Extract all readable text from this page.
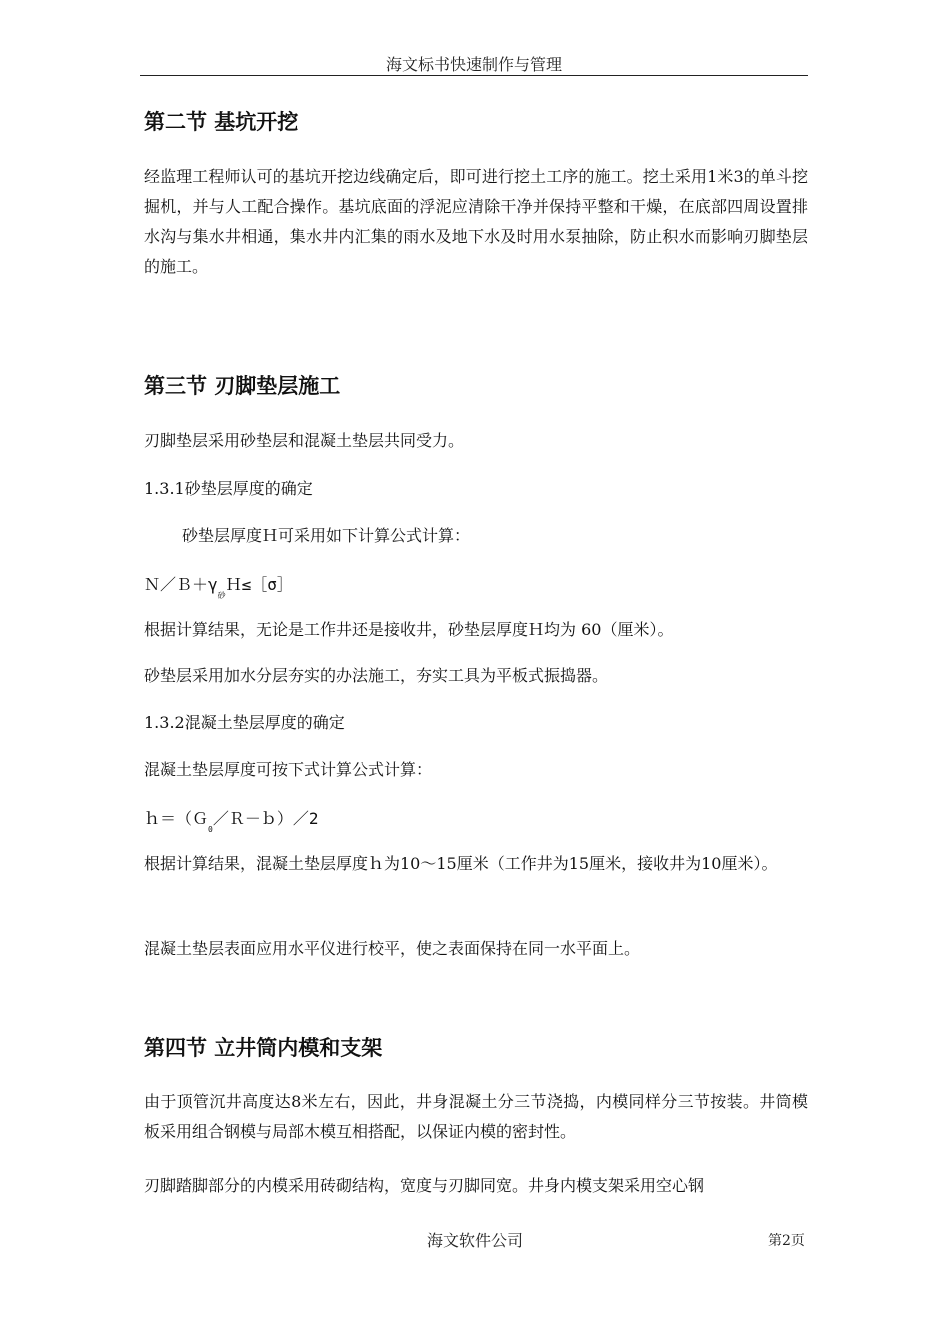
海文标书快速制作与管理
第二节 基坑开挖
经监理工程师认可的基坑开挖边线确定后，即可进行挖土工序的施工。挖土采用1米3的单斗挖掘机，并与人工配合操作。基坑底面的浮泥应清除干净并保持平整和干燥，在底部四周设置排水沟与集水井相通，集水井内汇集的雨水及地下水及时用水泵抽除，防止积水而影响刃脚垫层的施工。
第三节 刃脚垫层施工
刃脚垫层采用砂垫层和混凝土垫层共同受力。
1.3.1砂垫层厚度的确定
砂垫层厚度Ｈ可采用如下计算公式计算：
$N/B+\gamma_砂H\le[\sigma]$
根据计算结果，无论是工作井还是接收井，砂垫层厚度Ｈ均为 60（厘米）。
砂垫层采用加水分层夯实的办法施工，夯实工具为平板式振捣器。
1.3.2混凝土垫层厚度的确定
混凝土垫层厚度可按下式计算公式计算：
ｈ＝（Ｇ$_0$／Ｒ－ｂ）／2
根据计算结果，混凝土垫层厚度ｈ为10～15厘米（工作井为15厘米，接收井为10厘米）。
混凝土垫层表面应用水平仪进行校平，使之表面保持在同一水平面上。
第四节 立井筒内模和支架
由于顶管沉井高度达8米左右，因此，井身混凝土分三节浇捣，内模同样分三节按装。井筒模板采用组合钢模与局部木模互相搭配，以保证内模的密封性。
刃脚踏脚部分的内模采用砖砌结构，宽度与刃脚同宽。井身内模支架采用空心钢
海文软件公司	第2页
